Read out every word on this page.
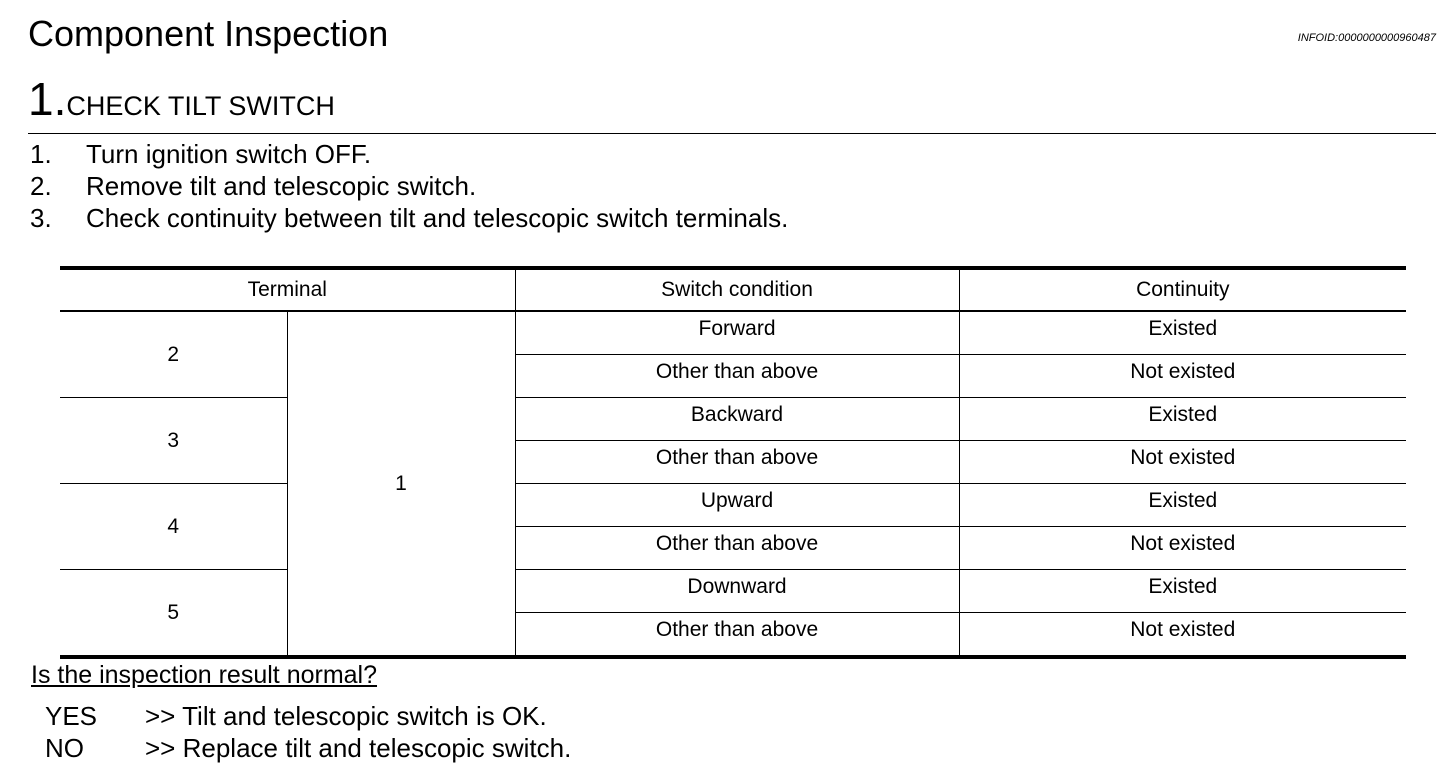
Component Inspection	INFOID:0000000000960487
1.CHECK TILT SWITCH
1. Turn ignition switch OFF.
2. Remove tilt and telescopic switch.
3. Check continuity between tilt and telescopic switch terminals.
Terminal		Switch condition	Continuity
2	1	Forward	Existed
		Other than above	Not existed
3		Backward	Existed
		Other than above	Not existed
4		Upward	Existed
		Other than above	Not existed
5		Downward	Existed
		Other than above	Not existed
Is the inspection result normal?
YES >> Tilt and telescopic switch is OK.
NO >> Replace tilt and telescopic switch.
